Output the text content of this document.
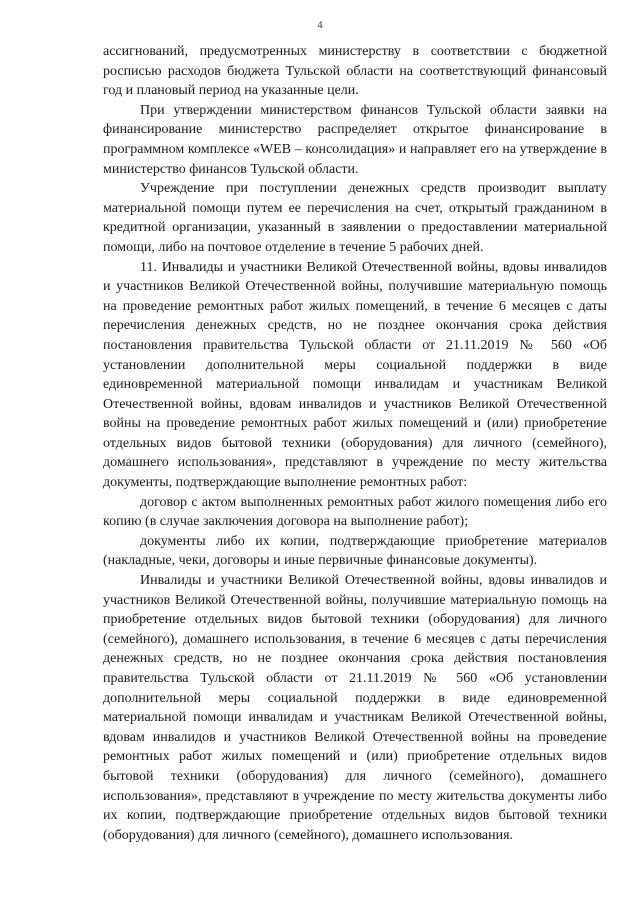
4

ассигнований, предусмотренных министерству в соответствии с бюджетной росписью расходов бюджета Тульской области на соответствующий финансовый год и плановый период на указанные цели.

При утверждении министерством финансов Тульской области заявки на финансирование министерство распределяет открытое финансирование в программном комплексе «WEB – консолидация» и направляет его на утверждение в министерство финансов Тульской области.

Учреждение при поступлении денежных средств производит выплату материальной помощи путем ее перечисления на счет, открытый гражданином в кредитной организации, указанный в заявлении о предоставлении материальной помощи, либо на почтовое отделение в течение 5 рабочих дней.

11. Инвалиды и участники Великой Отечественной войны, вдовы инвалидов и участников Великой Отечественной войны, получившие материальную помощь на проведение ремонтных работ жилых помещений, в течение 6 месяцев с даты перечисления денежных средств, но не позднее окончания срока действия постановления правительства Тульской области от 21.11.2019 № 560 «Об установлении дополнительной меры социальной поддержки в виде единовременной материальной помощи инвалидам и участникам Великой Отечественной войны, вдовам инвалидов и участников Великой Отечественной войны на проведение ремонтных работ жилых помещений и (или) приобретение отдельных видов бытовой техники (оборудования) для личного (семейного), домашнего использования», представляют в учреждение по месту жительства документы, подтверждающие выполнение ремонтных работ:

договор с актом выполненных ремонтных работ жилого помещения либо его копию (в случае заключения договора на выполнение работ);

документы либо их копии, подтверждающие приобретение материалов (накладные, чеки, договоры и иные первичные финансовые документы).

Инвалиды и участники Великой Отечественной войны, вдовы инвалидов и участников Великой Отечественной войны, получившие материальную помощь на приобретение отдельных видов бытовой техники (оборудования) для личного (семейного), домашнего использования, в течение 6 месяцев с даты перечисления денежных средств, но не позднее окончания срока действия постановления правительства Тульской области от 21.11.2019 № 560 «Об установлении дополнительной меры социальной поддержки в виде единовременной материальной помощи инвалидам и участникам Великой Отечественной войны, вдовам инвалидов и участников Великой Отечественной войны на проведение ремонтных работ жилых помещений и (или) приобретение отдельных видов бытовой техники (оборудования) для личного (семейного), домашнего использования», представляют в учреждение по месту жительства документы либо их копии, подтверждающие приобретение отдельных видов бытовой техники (оборудования) для личного (семейного), домашнего использования.
